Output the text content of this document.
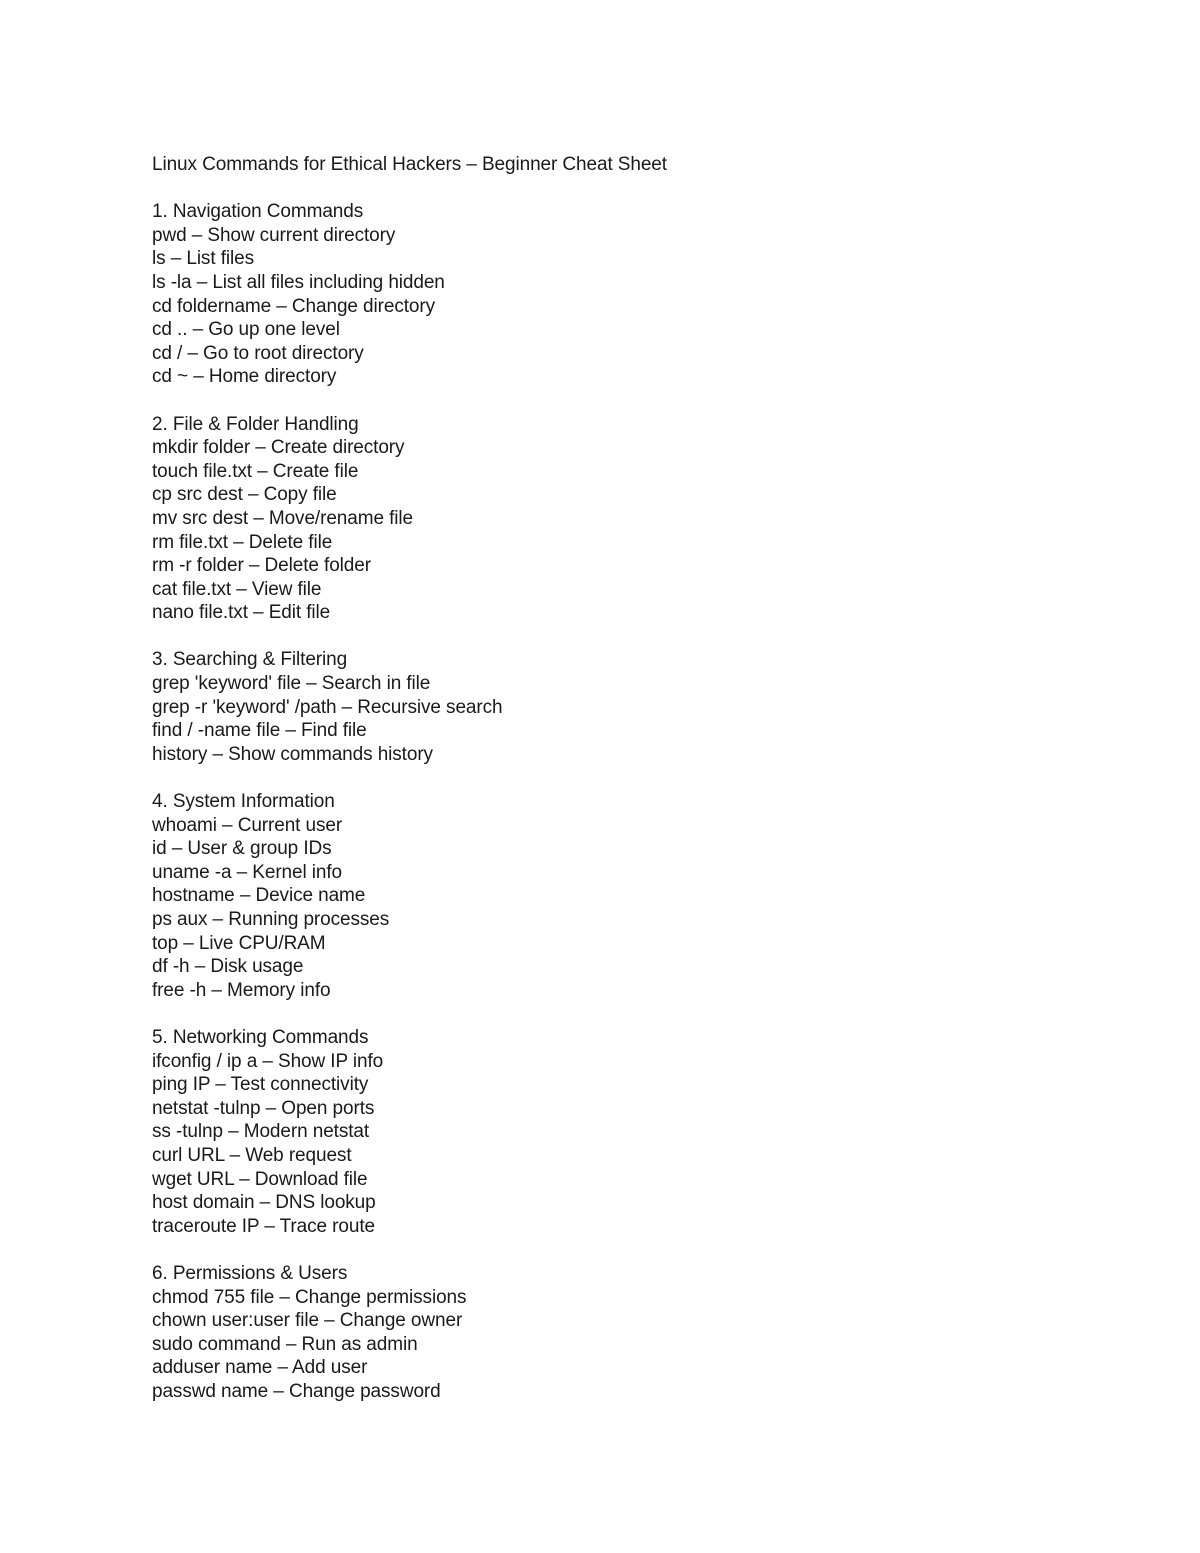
Linux Commands for Ethical Hackers – Beginner Cheat Sheet
1. Navigation Commands
pwd – Show current directory
ls – List files
ls -la – List all files including hidden
cd foldername – Change directory
cd .. – Go up one level
cd / – Go to root directory
cd ~ – Home directory
2. File & Folder Handling
mkdir folder – Create directory
touch file.txt – Create file
cp src dest – Copy file
mv src dest – Move/rename file
rm file.txt – Delete file
rm -r folder – Delete folder
cat file.txt – View file
nano file.txt – Edit file
3. Searching & Filtering
grep 'keyword' file – Search in file
grep -r 'keyword' /path – Recursive search
find / -name file – Find file
history – Show commands history
4. System Information
whoami – Current user
id – User & group IDs
uname -a – Kernel info
hostname – Device name
ps aux – Running processes
top – Live CPU/RAM
df -h – Disk usage
free -h – Memory info
5. Networking Commands
ifconfig / ip a – Show IP info
ping IP – Test connectivity
netstat -tulnp – Open ports
ss -tulnp – Modern netstat
curl URL – Web request
wget URL – Download file
host domain – DNS lookup
traceroute IP – Trace route
6. Permissions & Users
chmod 755 file – Change permissions
chown user:user file – Change owner
sudo command – Run as admin
adduser name – Add user
passwd name – Change password
